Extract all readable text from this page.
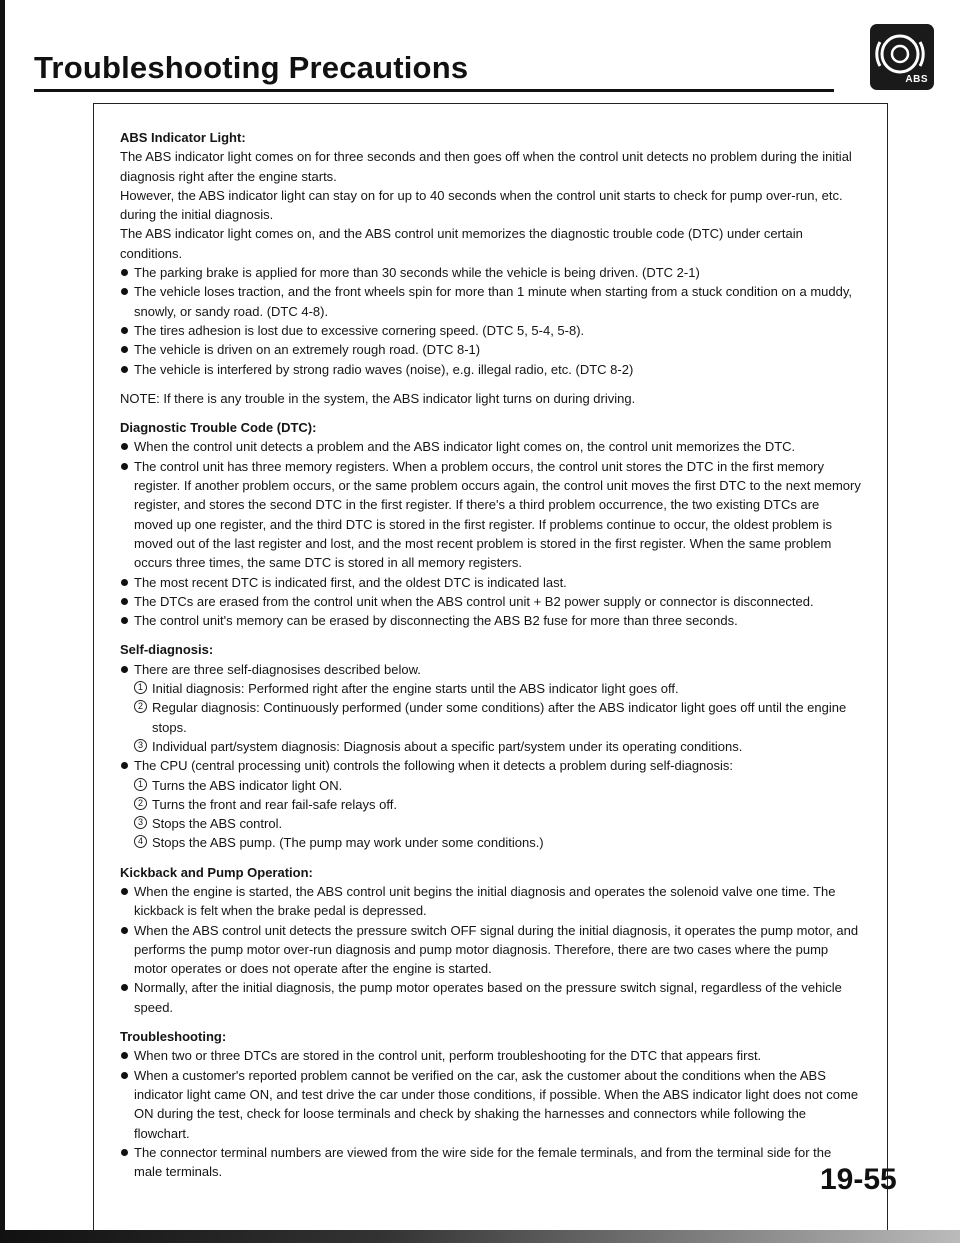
Troubleshooting Precautions	ABS

ABS Indicator Light:

The ABS indicator light comes on for three seconds and then goes off when the control unit detects no problem during the initial diagnosis right after the engine starts.

However, the ABS indicator light can stay on for up to 40 seconds when the control unit starts to check for pump over-run, etc. during the initial diagnosis.

The ABS indicator light comes on, and the ABS control unit memorizes the diagnostic trouble code (DTC) under certain conditions.

The parking brake is applied for more than 30 seconds while the vehicle is being driven. (DTC 2-1)

The vehicle loses traction, and the front wheels spin for more than 1 minute when starting from a stuck condition on a muddy, snowly, or sandy road. (DTC 4-8).

The tires adhesion is lost due to excessive cornering speed. (DTC 5, 5-4, 5-8).

The vehicle is driven on an extremely rough road. (DTC 8-1)

The vehicle is interfered by strong radio waves (noise), e.g. illegal radio, etc. (DTC 8-2)

NOTE: If there is any trouble in the system, the ABS indicator light turns on during driving.

Diagnostic Trouble Code (DTC):

When the control unit detects a problem and the ABS indicator light comes on, the control unit memorizes the DTC.

The control unit has three memory registers. When a problem occurs, the control unit stores the DTC in the first memory register. If another problem occurs, or the same problem occurs again, the control unit moves the first DTC to the next memory register, and stores the second DTC in the first register. If there's a third problem occurrence, the two existing DTCs are moved up one register, and the third DTC is stored in the first register. If problems continue to occur, the oldest problem is moved out of the last register and lost, and the most recent problem is stored in the first register. When the same problem occurs three times, the same DTC is stored in all memory registers.

The most recent DTC is indicated first, and the oldest DTC is indicated last.

The DTCs are erased from the control unit when the ABS control unit + B2 power supply or connector is disconnected.

The control unit's memory can be erased by disconnecting the ABS B2 fuse for more than three seconds.

Self-diagnosis:

There are three self-diagnosises described below.

1 Initial diagnosis: Performed right after the engine starts until the ABS indicator light goes off.

2 Regular diagnosis: Continuously performed (under some conditions) after the ABS indicator light goes off until the engine stops.

3 Individual part/system diagnosis: Diagnosis about a specific part/system under its operating conditions.

The CPU (central processing unit) controls the following when it detects a problem during self-diagnosis:

1 Turns the ABS indicator light ON.

2 Turns the front and rear fail-safe relays off.

3 Stops the ABS control.

4 Stops the ABS pump. (The pump may work under some conditions.)

Kickback and Pump Operation:

When the engine is started, the ABS control unit begins the initial diagnosis and operates the solenoid valve one time. The kickback is felt when the brake pedal is depressed.

When the ABS control unit detects the pressure switch OFF signal during the initial diagnosis, it operates the pump motor, and performs the pump motor over-run diagnosis and pump motor diagnosis. Therefore, there are two cases where the pump motor operates or does not operate after the engine is started.

Normally, after the initial diagnosis, the pump motor operates based on the pressure switch signal, regardless of the vehicle speed.

Troubleshooting:

When two or three DTCs are stored in the control unit, perform troubleshooting for the DTC that appears first.

When a customer's reported problem cannot be verified on the car, ask the customer about the conditions when the ABS indicator light came ON, and test drive the car under those conditions, if possible. When the ABS indicator light does not come ON during the test, check for loose terminals and check by shaking the harnesses and connectors while following the flowchart.

The connector terminal numbers are viewed from the wire side for the female terminals, and from the terminal side for the male terminals.	19-55
